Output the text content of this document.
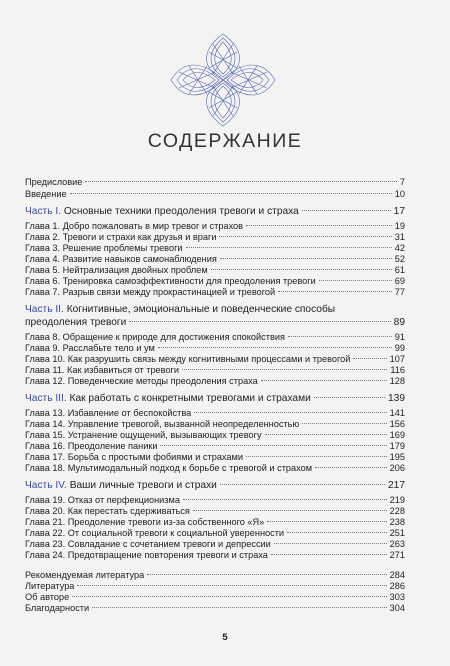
СОДЕРЖАНИЕ
Предисловие	7
Введение	10
Часть I. Основные техники преодоления тревоги и страха	17
Глава 1. Добро пожаловать в мир тревог и страхов	19
Глава 2. Тревоги и страхи как друзья и враги	31
Глава 3. Решение проблемы тревоги	42
Глава 4. Развитие навыков самонаблюдения	52
Глава 5. Нейтрализация двойных проблем	61
Глава 6. Тренировка самоэффективности для преодоления тревоги	69
Глава 7. Разрыв связи между прокрастинацией и тревогой	77
Часть II. Когнитивные, эмоциональные и поведенческие способы
преодоления тревоги	89
Глава 8. Обращение к природе для достижения спокойствия	91
Глава 9. Расслабьте тело и ум	99
Глава 10. Как разрушить связь между когнитивными процессами и тревогой	107
Глава 11. Как избавиться от тревоги	116
Глава 12. Поведенческие методы преодоления страха	128
Часть III. Как работать с конкретными тревогами и страхами	139
Глава 13. Избавление от беспокойства	141
Глава 14. Управление тревогой, вызванной неопределенностью	156
Глава 15. Устранение ощущений, вызывающих тревогу	169
Глава 16. Преодоление паники	179
Глава 17. Борьба с простыми фобиями и страхами	195
Глава 18. Мультимодальный подход к борьбе с тревогой и страхом	206
Часть IV. Ваши личные тревоги и страхи	217
Глава 19. Отказ от перфекционизма	219
Глава 20. Как перестать сдерживаться	228
Глава 21. Преодоление тревоги из-за собственного «Я»	238
Глава 22. От социальной тревоги к социальной уверенности	251
Глава 23. Совладание с сочетанием тревоги и депрессии	263
Глава 24. Предотвращение повторения тревоги и страха	271
Рекомендуемая литература	284
Литература	286
Об авторе	303
Благодарности	304
5
